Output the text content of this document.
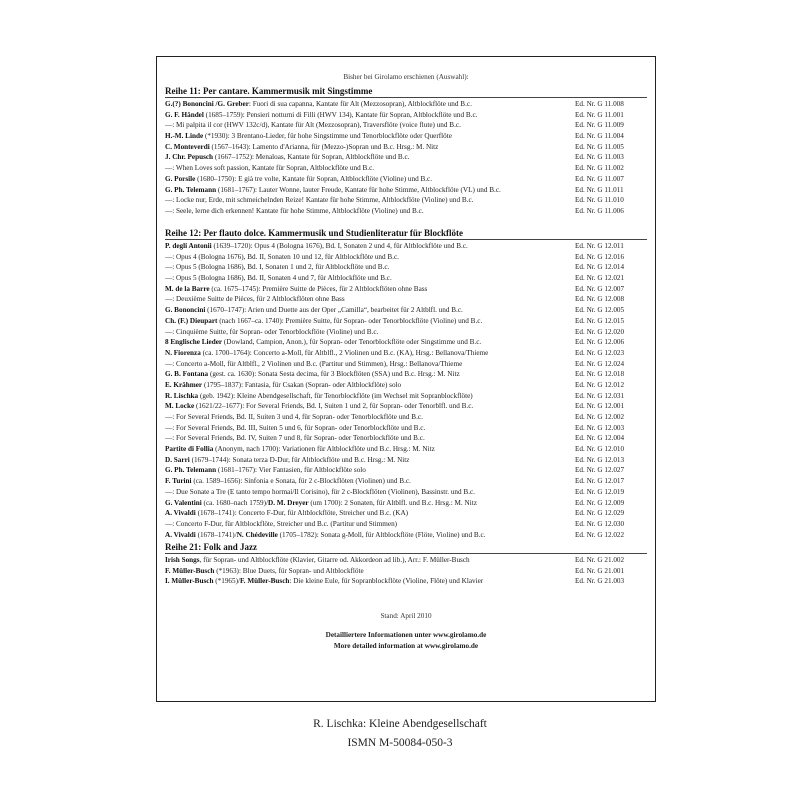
Bisher bei Girolamo erschienen (Auswahl):
Reihe 11: Per cantare. Kammermusik mit Singstimme
G.(?) Bononcini /G. Greber: Fuori di sua capanna, Kantate für Alt (Mezzosopran), Altblockflöte und B.c.	Ed. Nr. G 11.008
G. F. Händel (1685–1759): Pensieri notturni di Filli (HWV 134), Kantate für Sopran, Altblockflöte und B.c.	Ed. Nr. G 11.001
—: Mi palpita il cor (HWV 132c/d), Kantate für Alt (Mezzosopran), Traversflöte (voice flute) und B.c.	Ed. Nr. G 11.009
H.-M. Linde (*1930): 3 Brentano-Lieder, für hohe Singstimme und Tenorblockflöte oder Querflöte	Ed. Nr. G 11.004
C. Monteverdi (1567–1643): Lamento d'Arianna, für (Mezzo-)Sopran und B.c. Hrsg.: M. Nitz	Ed. Nr. G 11.005
J. Chr. Pepusch (1667–1752): Menaloas, Kantate für Sopran, Altblockflöte und B.c.	Ed. Nr. G 11.003
—: When Loves soft passion, Kantate für Sopran, Altblockflöte und B.c.	Ed. Nr. G 11.002
G. Porsile (1680–1750): E già tre volte, Kantate für Sopran, Altblockflöte (Violine) und B.c.	Ed. Nr. G 11.007
G. Ph. Telemann (1681–1767): Lauter Wonne, lauter Freude, Kantate für hohe Stimme, Altblockflöte (VL) und B.c.	Ed. Nr. G 11.011
—: Locke nur, Erde, mit schmeichelnden Reize! Kantate für hohe Stimme, Altblockflöte (Violine) und B.c.	Ed. Nr. G 11.010
—: Seele, lerne dich erkennen! Kantate für hohe Stimme, Altblockflöte (Violine) und B.c.	Ed. Nr. G 11.006
Reihe 12: Per flauto dolce. Kammermusik und Studienliteratur für Blockflöte
P. degli Antonii (1639–1720): Opus 4 (Bologna 1676), Bd. I, Sonaten 2 und 4, für Altblockflöte und B.c.	Ed. Nr. G 12.011
—: Opus 4 (Bologna 1676), Bd. II, Sonaten 10 und 12, für Altblockflöte und B.c.	Ed. Nr. G 12.016
—: Opus 5 (Bologna 1686), Bd. I, Sonaten 1 und 2, für Altblockflöte und B.c.	Ed. Nr. G 12.014
—: Opus 5 (Bologna 1686), Bd. II, Sonaten 4 und 7, für Altblockflöte und B.c.	Ed. Nr. G 12.021
M. de la Barre (ca. 1675–1745): Première Suitte de Pièces, für 2 Altblockflöten ohne Bass	Ed. Nr. G 12.007
—: Deuxième Suitte de Pièces, für 2 Altblockflöten ohne Bass	Ed. Nr. G 12.008
G. Bononcini (1670–1747): Arien und Duette aus der Oper „Camilla“, bearbeitet für 2 Altblfl. und B.c.	Ed. Nr. G 12.005
Ch. (F.) Dieupart (nach 1667–ca. 1740): Première Suitte, für Sopran- oder Tenorblockflöte (Violine) und B.c.	Ed. Nr. G 12.015
—: Cinquième Suitte, für Sopran- oder Tenorblockflöte (Violine) und B.c.	Ed. Nr. G 12.020
8 Englische Lieder (Dowland, Campion, Anon.), für Sopran- oder Tenorblockflöte oder Singstimme und B.c.	Ed. Nr. G 12.006
N. Fiorenza (ca. 1700–1764): Concerto a-Moll, für Altblfl., 2 Violinen und B.c. (KA), Hrsg.: Bellanova/Thieme	Ed. Nr. G 12.023
—: Concerto a-Moll, für Altblfl., 2 Violinen und B.c. (Partitur und Stimmen), Hrsg.: Bellanova/Thieme	Ed. Nr. G 12.024
G. B. Fontana (gest. ca. 1630): Sonata Sesta decima, für 3 Blockflöten (SSA) und B.c. Hrsg.: M. Nitz	Ed. Nr. G 12.018
E. Krähmer (1795–1837): Fantasia, für Csakan (Sopran- oder Altblockflöte) solo	Ed. Nr. G 12.012
R. Lischka (geb. 1942): Kleine Abendgesellschaft, für Tenorblockflöte (im Wechsel mit Sopranblockflöte)	Ed. Nr. G 12.031
M. Locke (1621/22–1677): For Several Friends, Bd. I, Suiten 1 und 2, für Sopran- oder Tenorblfl. und B.c.	Ed. Nr. G 12.001
—: For Several Friends, Bd. II, Suiten 3 und 4, für Sopran- oder Tenorblockflöte und B.c.	Ed. Nr. G 12.002
—: For Several Friends, Bd. III, Suiten 5 und 6, für Sopran- oder Tenorblockflöte und B.c.	Ed. Nr. G 12.003
—: For Several Friends, Bd. IV, Suiten 7 und 8, für Sopran- oder Tenorblockflöte und B.c.	Ed. Nr. G 12.004
Partite di Follia (Anonym, nach 1700): Variationen für Altblockflöte und B.c. Hrsg.: M. Nitz	Ed. Nr. G 12.010
D. Sarri (1679–1744): Sonata terza D-Dur, für Altblockflöte und B.c. Hrsg.: M. Nitz	Ed. Nr. G 12.013
G. Ph. Telemann (1681–1767): Vier Fantasien, für Altblockflöte solo	Ed. Nr. G 12.027
F. Turini (ca. 1589–1656): Sinfonia e Sonata, für 2 c-Blockflöten (Violinen) und B.c.	Ed. Nr. G 12.017
—: Due Sonate a Tre (E tanto tempo hormai/Il Corisino), für 2 c-Blockflöten (Violinen), Bassinstr. und B.c.	Ed. Nr. G 12.019
G. Valentini (ca. 1680–nach 1759)/D. M. Dreyer (um 1700): 2 Sonaten, für Altblfl. und B.c. Hrsg.: M. Nitz	Ed. Nr. G 12.009
A. Vivaldi (1678–1741): Concerto F-Dur, für Altblockflöte, Streicher und B.c. (KA)	Ed. Nr. G 12.029
—: Concerto F-Dur, für Altblockflöte, Streicher und B.c. (Partitur und Stimmen)	Ed. Nr. G 12.030
A. Vivaldi (1678–1741)/N. Chédeville (1705–1782): Sonata g-Moll, für Altblockflöte (Flöte, Violine) und B.c.	Ed. Nr. G 12.022
Reihe 21: Folk and Jazz
Irish Songs, für Sopran- und Altblockflöte (Klavier, Gitarre od. Akkordeon ad lib.), Arr.: F. Müller-Busch	Ed. Nr. G 21.002
F. Müller-Busch (*1963): Blue Duets, für Sopran- und Altblockflöte	Ed. Nr. G 21.001
I. Müller-Busch (*1965)/F. Müller-Busch: Die kleine Eule, für Sopranblockflöte (Violine, Flöte) und Klavier	Ed. Nr. G 21.003
Stand: April 2010
Detailliertere Informationen unter www.girolamo.de
More detailed information at www.girolamo.de
R. Lischka: Kleine Abendgesellschaft
ISMN M-50084-050-3
